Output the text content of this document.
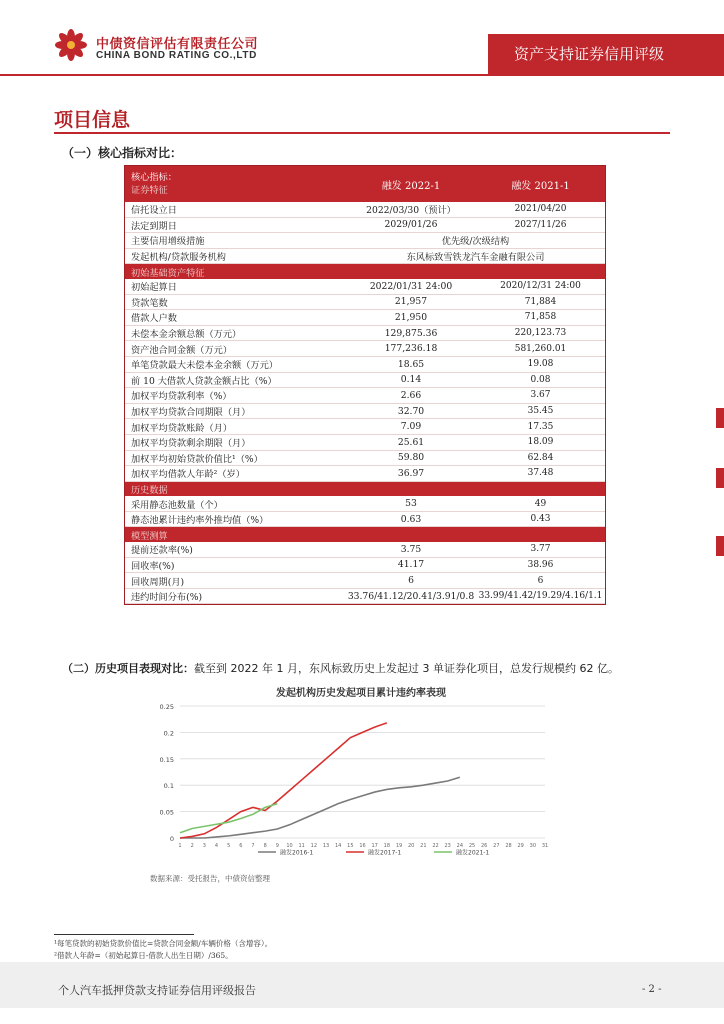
中债资信评估有限责任公司
CHINA BOND RATING CO.,LTD	资产支持证券信用评级
项目信息
（一）核心指标对比：
核心指标：
证券特征	融发 2022-1	融发 2021-1
信托设立日	2022/03/30（预计）	2021/04/20
法定到期日	2029/01/26	2027/11/26
主要信用增级措施	优先级/次级结构
发起机构/贷款服务机构	东风标致雪铁龙汽车金融有限公司
初始基础资产特征
初始起算日	2022/01/31 24:00	2020/12/31 24:00
贷款笔数	21,957	71,884
借款人户数	21,950	71,858
未偿本金余额总额（万元）	129,875.36	220,123.73
资产池合同金额（万元）	177,236.18	581,260.01
单笔贷款最大未偿本金余额（万元）	18.65	19.08
前 10 大借款人贷款金额占比（%）	0.14	0.08
加权平均贷款利率（%）	2.66	3.67
加权平均贷款合同期限（月）	32.70	35.45
加权平均贷款账龄（月）	7.09	17.35
加权平均贷款剩余期限（月）	25.61	18.09
加权平均初始贷款价值比¹（%）	59.80	62.84
加权平均借款人年龄²（岁）	36.97	37.48
历史数据
采用静态池数量（个）	53	49
静态池累计违约率外推均值（%）	0.63	0.43
模型测算
提前还款率(%)	3.75	3.77
回收率(%)	41.17	38.96
回收周期(月)	6	6
违约时间分布(%)	33.76/41.12/20.41/3.91/0.8 33.99/41.42/19.29/4.16/1.1
（二）历史项目表现对比：截至到 2022 年 1 月，东风标致历史上发起过 3 单证券化项目，总发行规模约 62 亿。
发起机构历史发起项目累计违约率表现
0
0.05
0.1
0.15
0.2
0.25
1 2 3 4 5 6 7 8 9 10 11 12 13 14 15 16 17 18 19 20 21 22 23 24 25 26 27 28 29 30 31
融发2016-1	融发2017-1	融发2021-1
数据来源：受托报告，中债资信整理
¹每笔贷款的初始贷款价值比=贷款合同金额/车辆价格（含增容）。
²借款人年龄=（初始起算日-借款人出生日期）/365。
个人汽车抵押贷款支持证券信用评级报告	- 2 -
